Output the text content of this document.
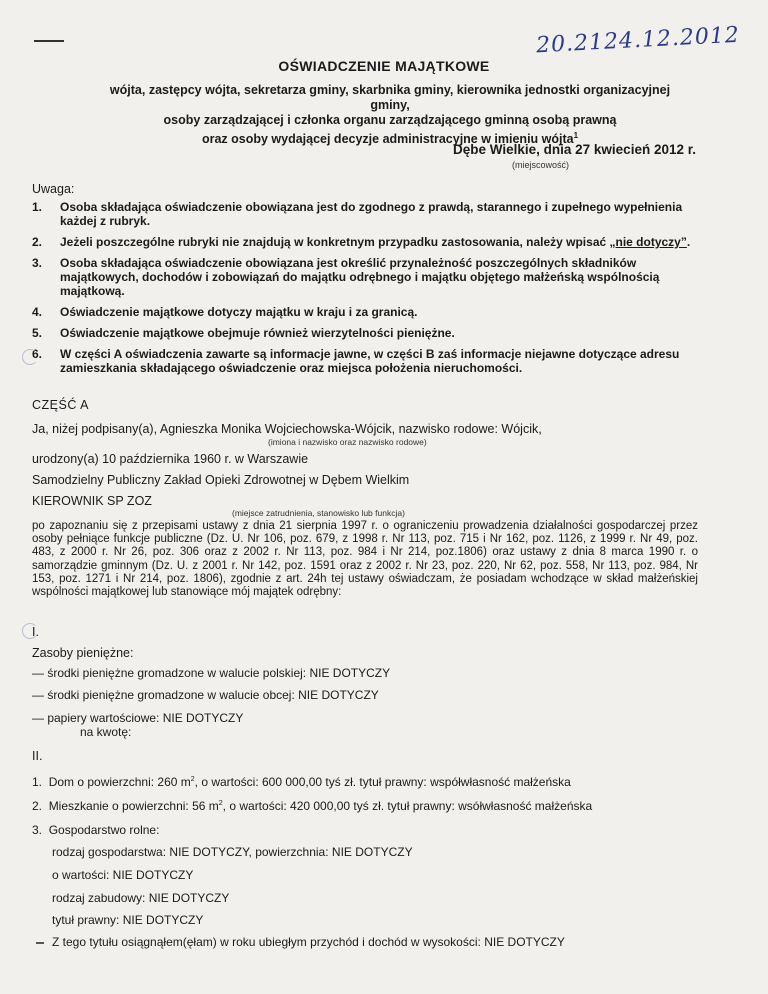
20.2124.12.2012
OŚWIADCZENIE MAJĄTKOWE
wójta, zastępcy wójta, sekretarza gminy, skarbnika gminy, kierownika jednostki organizacyjnej gminy,
osoby zarządzającej i członka organu zarządzającego gminną osobą prawną
oraz osoby wydającej decyzje administracyjne w imieniu wójta$^1$
Dębe Wielkie, dnia 27 kwiecień 2012 r.
(miejscowość)
Uwaga:
1.	Osoba składająca oświadczenie obowiązana jest do zgodnego z prawdą, starannego i zupełnego wypełnienia każdej z rubryk.
2.	Jeżeli poszczególne rubryki nie znajdują w konkretnym przypadku zastosowania, należy wpisać „nie dotyczy”.
3.	Osoba składająca oświadczenie obowiązana jest określić przynależność poszczególnych składników majątkowych, dochodów i zobowiązań do majątku odrębnego i majątku objętego małżeńską wspólnością majątkową.
4.	Oświadczenie majątkowe dotyczy majątku w kraju i za granicą.
5.	Oświadczenie majątkowe obejmuje również wierzytelności pieniężne.
6.	W części A oświadczenia zawarte są informacje jawne, w części B zaś informacje niejawne dotyczące adresu zamieszkania składającego oświadczenie oraz miejsca położenia nieruchomości.
CZĘŚĆ A
Ja, niżej podpisany(a), Agnieszka Monika Wojciechowska-Wójcik, nazwisko rodowe: Wójcik,
(imiona i nazwisko oraz nazwisko rodowe)
urodzony(a) 10 października 1960 r. w Warszawie
Samodzielny Publiczny Zakład Opieki Zdrowotnej w Dębem Wielkim
KIEROWNIK SP ZOZ
(miejsce zatrudnienia, stanowisko lub funkcja)
po zapoznaniu się z przepisami ustawy z dnia 21 sierpnia 1997 r. o ograniczeniu prowadzenia działalności gospodarczej przez osoby pełniące funkcje publiczne (Dz. U. Nr 106, poz. 679, z 1998 r. Nr 113, poz. 715 i Nr 162, poz. 1126, z 1999 r. Nr 49, poz. 483, z 2000 r. Nr 26, poz. 306 oraz z 2002 r. Nr 113, poz. 984 i Nr 214, poz.1806) oraz ustawy z dnia 8 marca 1990 r. o samorządzie gminnym (Dz. U. z 2001 r. Nr 142, poz. 1591 oraz z 2002 r. Nr 23, poz. 220, Nr 62, poz. 558, Nr 113, poz. 984, Nr 153, poz. 1271 i Nr 214, poz. 1806), zgodnie z art. 24h tej ustawy oświadczam, że posiadam wchodzące w skład małżeńskiej wspólności majątkowej lub stanowiące mój majątek odrębny:
I.
Zasoby pieniężne:
— środki pieniężne gromadzone w walucie polskiej: NIE DOTYCZY
— środki pieniężne gromadzone w walucie obcej: NIE DOTYCZY
— papiery wartościowe: NIE DOTYCZY
na kwotę:
II.
1. Dom o powierzchni: 260 $m^2$, o wartości: 600 000,00 tyś zł. tytuł prawny: współwłasność małżeńska
2. Mieszkanie o powierzchni: 56 $m^2$, o wartości: 420 000,00 tyś zł. tytuł prawny: wsółwłasność małżeńska
3. Gospodarstwo rolne:
rodzaj gospodarstwa: NIE DOTYCZY, powierzchnia: NIE DOTYCZY
o wartości: NIE DOTYCZY
rodzaj zabudowy: NIE DOTYCZY
tytuł prawny: NIE DOTYCZY
Z tego tytułu osiągnąłem(ęłam) w roku ubiegłym przychód i dochód w wysokości: NIE DOTYCZY
